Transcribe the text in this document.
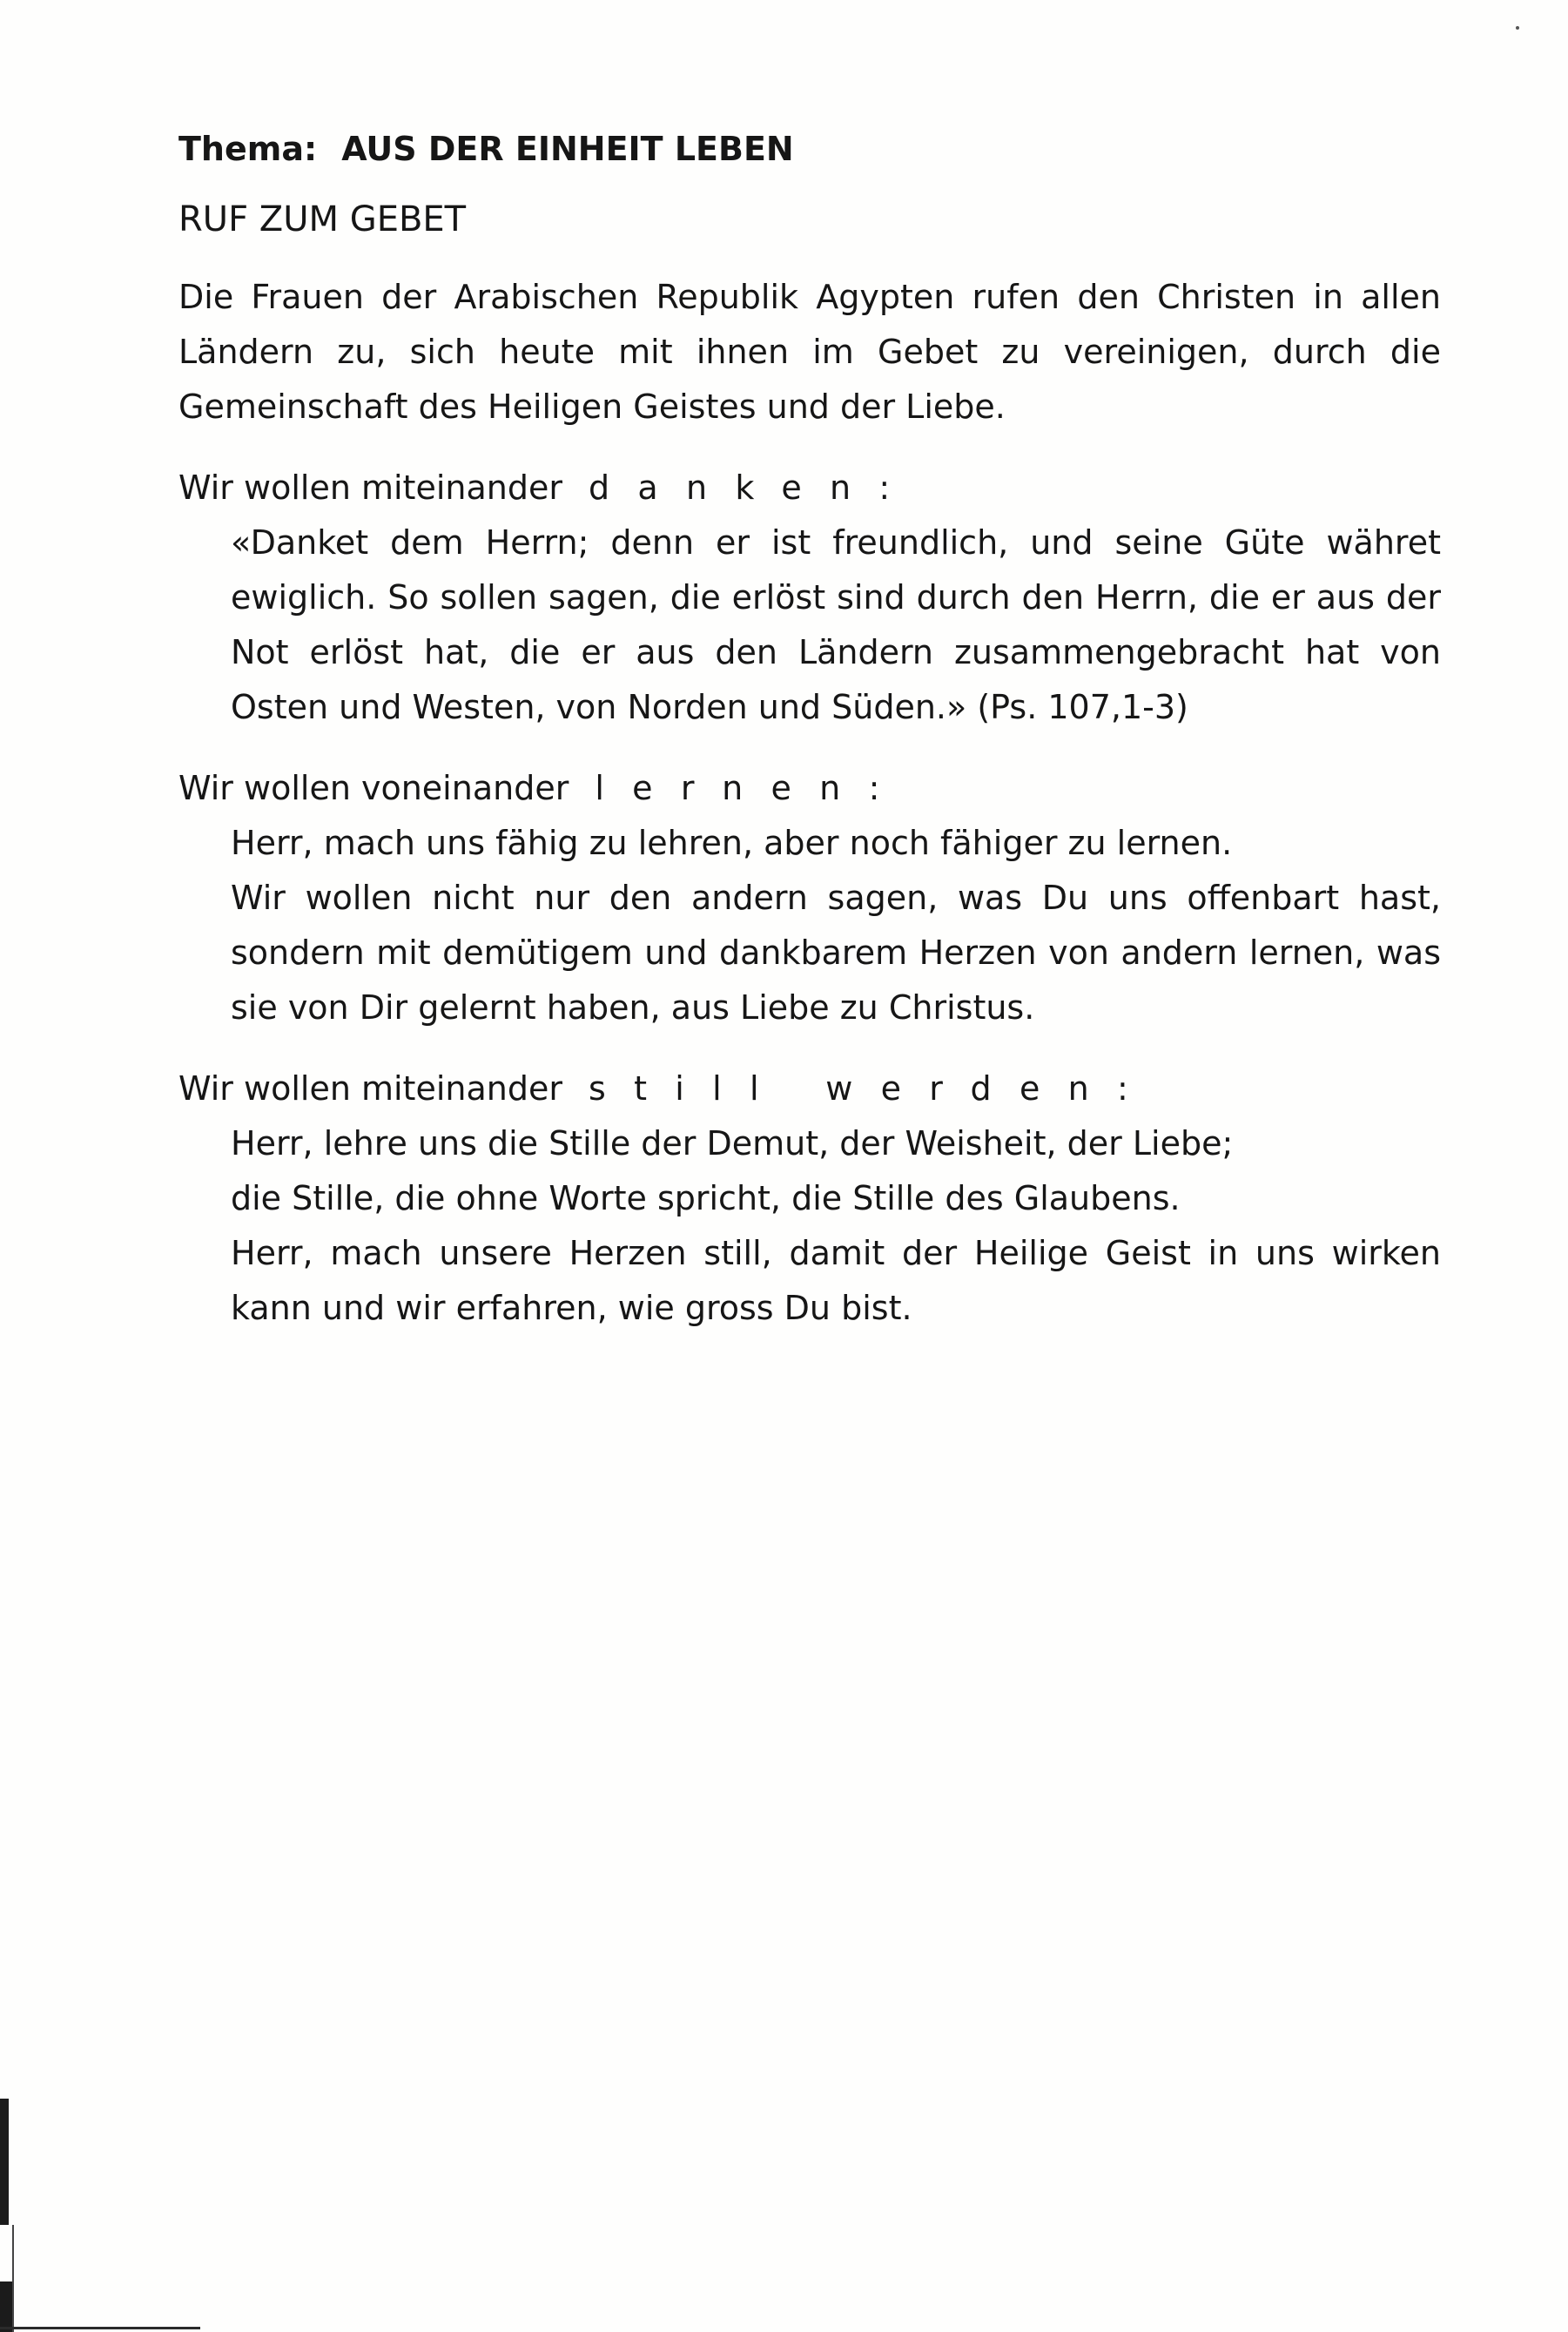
Thema: AUS DER EINHEIT LEBEN

RUF ZUM GEBET

Die Frauen der Arabischen Republik Agypten rufen den Christen in allen Ländern zu, sich heute mit ihnen im Gebet zu vereinigen, durch die Gemeinschaft des Heiligen Geistes und der Liebe.

Wir wollen miteinander danken:

«Danket dem Herrn; denn er ist freundlich, und seine Güte währet ewiglich. So sollen sagen, die erlöst sind durch den Herrn, die er aus der Not erlöst hat, die er aus den Ländern zusammengebracht hat von Osten und Westen, von Norden und Süden.» (Ps. 107,1-3)

Wir wollen voneinander lernen:

Herr, mach uns fähig zu lehren, aber noch fähiger zu lernen.

Wir wollen nicht nur den andern sagen, was Du uns offenbart hast, sondern mit demütigem und dankbarem Herzen von andern lernen, was sie von Dir gelernt haben, aus Liebe zu Christus.

Wir wollen miteinander still werden:

Herr, lehre uns die Stille der Demut, der Weisheit, der Liebe;

die Stille, die ohne Worte spricht, die Stille des Glaubens.

Herr, mach unsere Herzen still, damit der Heilige Geist in uns wirken kann und wir erfahren, wie gross Du bist.
